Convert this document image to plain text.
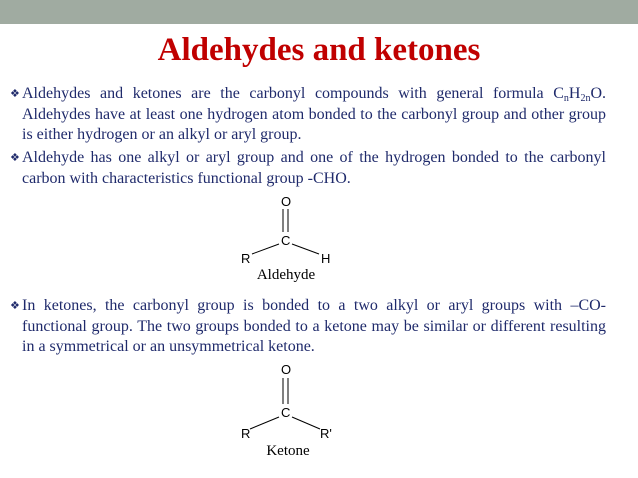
Aldehydes and ketones
❖ Aldehydes and ketones are the carbonyl compounds with general formula $C_nH_{2n}O$. Aldehydes have at least one hydrogen atom bonded to the carbonyl group and other group is either hydrogen or an alkyl or aryl group.
❖ Aldehyde has one alkyl or aryl group and one of the hydrogen bonded to the carbonyl carbon with characteristics functional group -CHO.
O
C
R	H
Aldehyde
❖ In ketones, the carbonyl group is bonded to a two alkyl or aryl groups with –CO- functional group. The two groups bonded to a ketone may be similar or different resulting in a symmetrical or an unsymmetrical ketone.
O
C
R	R'
Ketone
